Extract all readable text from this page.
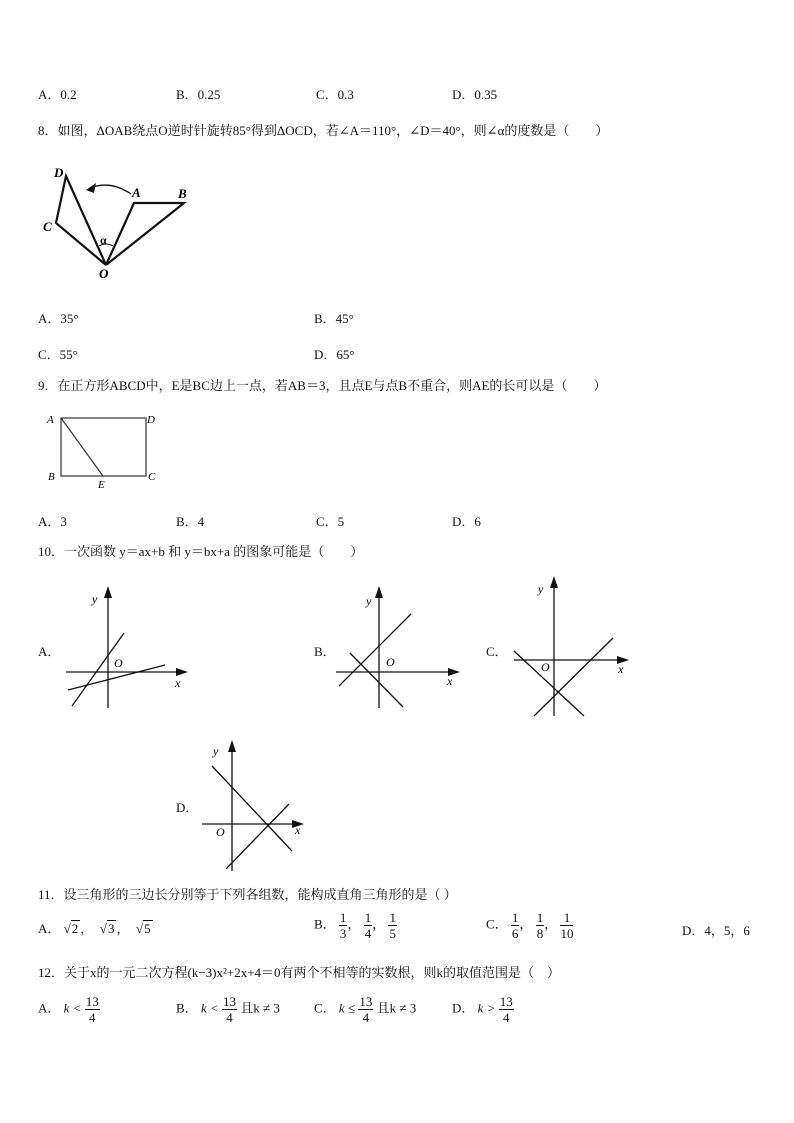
A．0.2	B．0.25	C．0.3	D．0.35
8．如图，ΔOAB绕点O逆时针旋转85°得到ΔOCD，若∠A＝110°，∠D＝40°，则∠α的度数是（　　）
D
A	B
C
α
O
A．35°	B．45°
C．55°	D．65°
9．在正方形ABCD中，E是BC边上一点，若AB＝3，且点E与点B不重合，则AE的长可以是（　　）
A	D
B
E
C
A．3	B．4	C．5	D．6
10．一次函数 y＝ax+b 和 y＝bx+a 的图象可能是（　　）
A．
y
x
O
B．
y
x
O
C．
y
x
O
D．
y
x
O
11．设三角形的三边长分别等于下列各组数，能构成直角三角形的是（ ）
A． √2 ，  √3 ，  √5	B． $\frac{1}{3}$ ， $\frac{1}{4}$ ， $\frac{1}{5}$	C． $\frac{1}{6}$ ， $\frac{1}{8}$ ， $\frac{1}{10}$	D．4，5，6
12．关于x的一元二次方程(k−3)x²+2x+4＝0有两个不相等的实数根，则k的取值范围是（　）
A． $k < \frac{13}{4}$	B． $k < \frac{13}{4}$ 且k ≠ 3	C． $k \le \frac{13}{4}$ 且k ≠ 3	D． $k > \frac{13}{4}$
